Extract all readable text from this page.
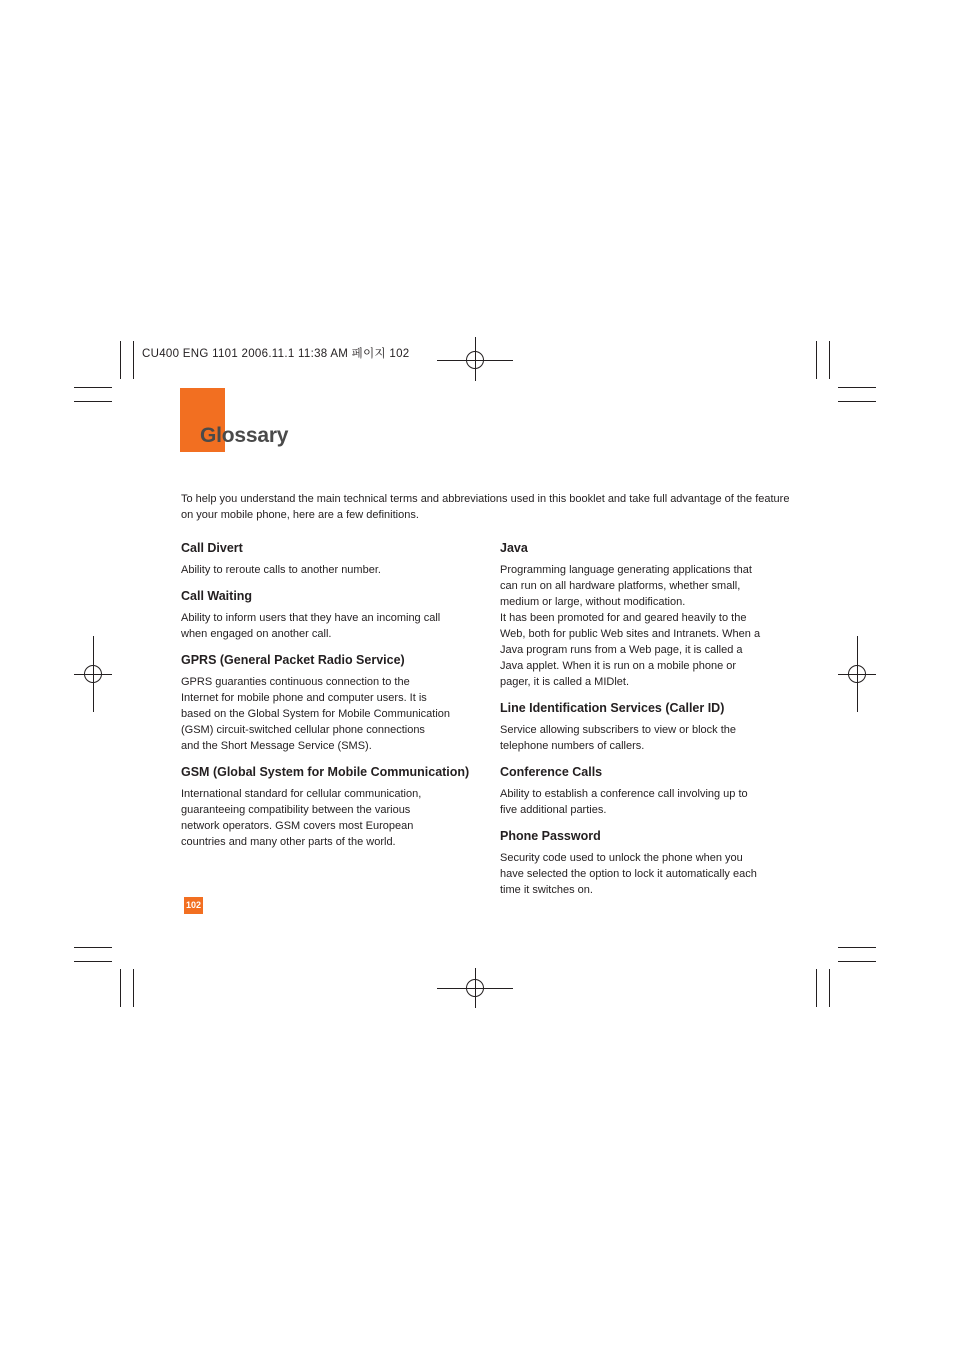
CU400 ENG 1101 2006.11.1 11:38 AM 페이지 102
Glossary

To help you understand the main technical terms and abbreviations used in this booklet and take full advantage of the feature on your mobile phone, here are a few definitions.

Call Divert

Ability to reroute calls to another number.

Call Waiting

Ability to inform users that they have an incoming call
when engaged on another call.

GPRS (General Packet Radio Service)

GPRS guaranties continuous connection to the
Internet for mobile phone and computer users. It is
based on the Global System for Mobile Communication
(GSM) circuit-switched cellular phone connections
and the Short Message Service (SMS).

GSM (Global System for Mobile Communication)

International standard for cellular communication,
guaranteeing compatibility between the various
network operators. GSM covers most European
countries and many other parts of the world.

Java

Programming language generating applications that
can run on all hardware platforms, whether small,
medium or large, without modification.
It has been promoted for and geared heavily to the
Web, both for public Web sites and Intranets. When a
Java program runs from a Web page, it is called a
Java applet. When it is run on a mobile phone or
pager, it is called a MIDlet.

Line Identification Services (Caller ID)

Service allowing subscribers to view or block the
telephone numbers of callers.

Conference Calls

Ability to establish a conference call involving up to
five additional parties.

Phone Password

Security code used to unlock the phone when you
have selected the option to lock it automatically each
time it switches on.

102
